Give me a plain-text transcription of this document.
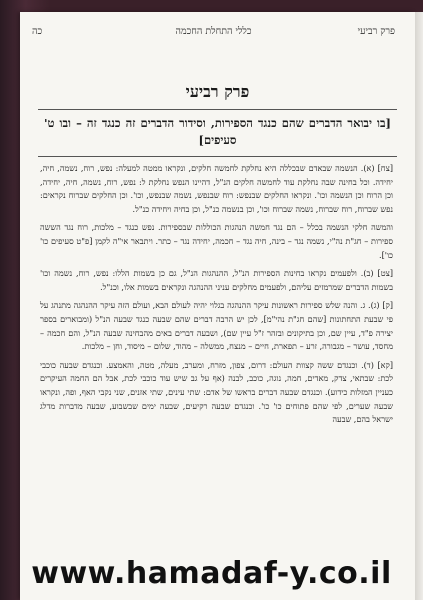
פרק רביעי
כללי התחלת החכמה
כה
פרק רביעי
[בו יבואר הדברים שהם כנגד הספירות, וסידור הדברים זה כנגד זה – ובו ט' סעיפים]

[צח] (א). הנשמה שבאדם שבכללה היא נחלקת לחמשה חלקים, ונקראו ממטה למעלה: נפש, רוח, נשמה, חיה, יחידה. וכל בחינה שבה נחלקת עוד לחמשה חלקים הנ"ל, דהיינו הנפש נחלקת ל: נפש, רוח, נשמה, חיה, יחידה, וכן הרוח וכן הנשמה וכו'. ונקראו החלקים שבנפש: רוח שבנפש, נשמה שבנפש, וכו'. וכן החלקים שברוח נקראים: נפש שברוח, רוח שברוח, נשמה שברוח וכו', וכן בנשמה כנ"ל, וכן בחיה ויחידה כנ"ל.

והמשה חלקי הנשמה בכלל – הם נגד חמשה הנהגות הכוללות שבספירות. נפש כנגד – מלכות, רוח נגד הששה ספירות – חג"ת נה"י, נשמה נגד – בינה, חיה נגד – חכמה, יחידה נגד – כתר. ויתבאר אי"ה לקמן [פ"ט סעיפים כו' כו'].

[צט] (ב). ולפעמים נקראו בחינות הספירות הנ"ל, ההנהגות הנ"ל, גם כן בשמות הללו: נפש, רוח, נשמה וכו' בשמות הדברים שמרמזים עליהם, ולפעמים מחלקים עניני ההנהגה ונקראים בשמות אלו, וכנ"ל.

[ק] (ג). ג. והנה שלש ספירות ראשונות עיקר ההנהגה בגלוי יהיה לעולם הבא, ועולם הזה עיקר ההנהגה מתנהג על פי שבעת התחתונות [שהם חג"ת נהי"מ], לכן יש הרבה דברים שהם שבעה כנגד שבעה הנ"ל (ומבוארים בספר יצירה פ"ד, עיין שם, וכן בתיקונים ובזהר ז"ל עיין שם), ושבעה דברים באים מהבחינה שבעה הנ"ל, והם חכמה – מחסד, עושר – מגבורה, זרע – תפארת, חיים – מנצח, ממשלה – מהוד, שלום – מיסוד, וחן – מלכות.

[קא] (ד). וכנגדם ששה קצוות העולם: דרום, צפון, מזרח, ומערב, מעלה, מטה, והאמצע. וכנגדם שבעה כוכבי לכת: שבתאי, צדק, מאדים, חמה, נוגה, כוכב, לבנה (אף על גב שיש עוד כוכבי לכת, אבל הם החמה העיקרים כעניין המזלות כידוע). וכנגדם שבעה דברים בראשו של אדם: שתי עינים, שתי אזנים, שני נקבי האף, ופה, ונקראו שבעה שערים, לפי שהם פתוחים כו' כו'. וכנגדם שבעה רקיעים, שבעה ימים שבשבוע, שבעה מדברות מדלג ישראל בהם, שבעה

www.hamadaf-y.co.il
